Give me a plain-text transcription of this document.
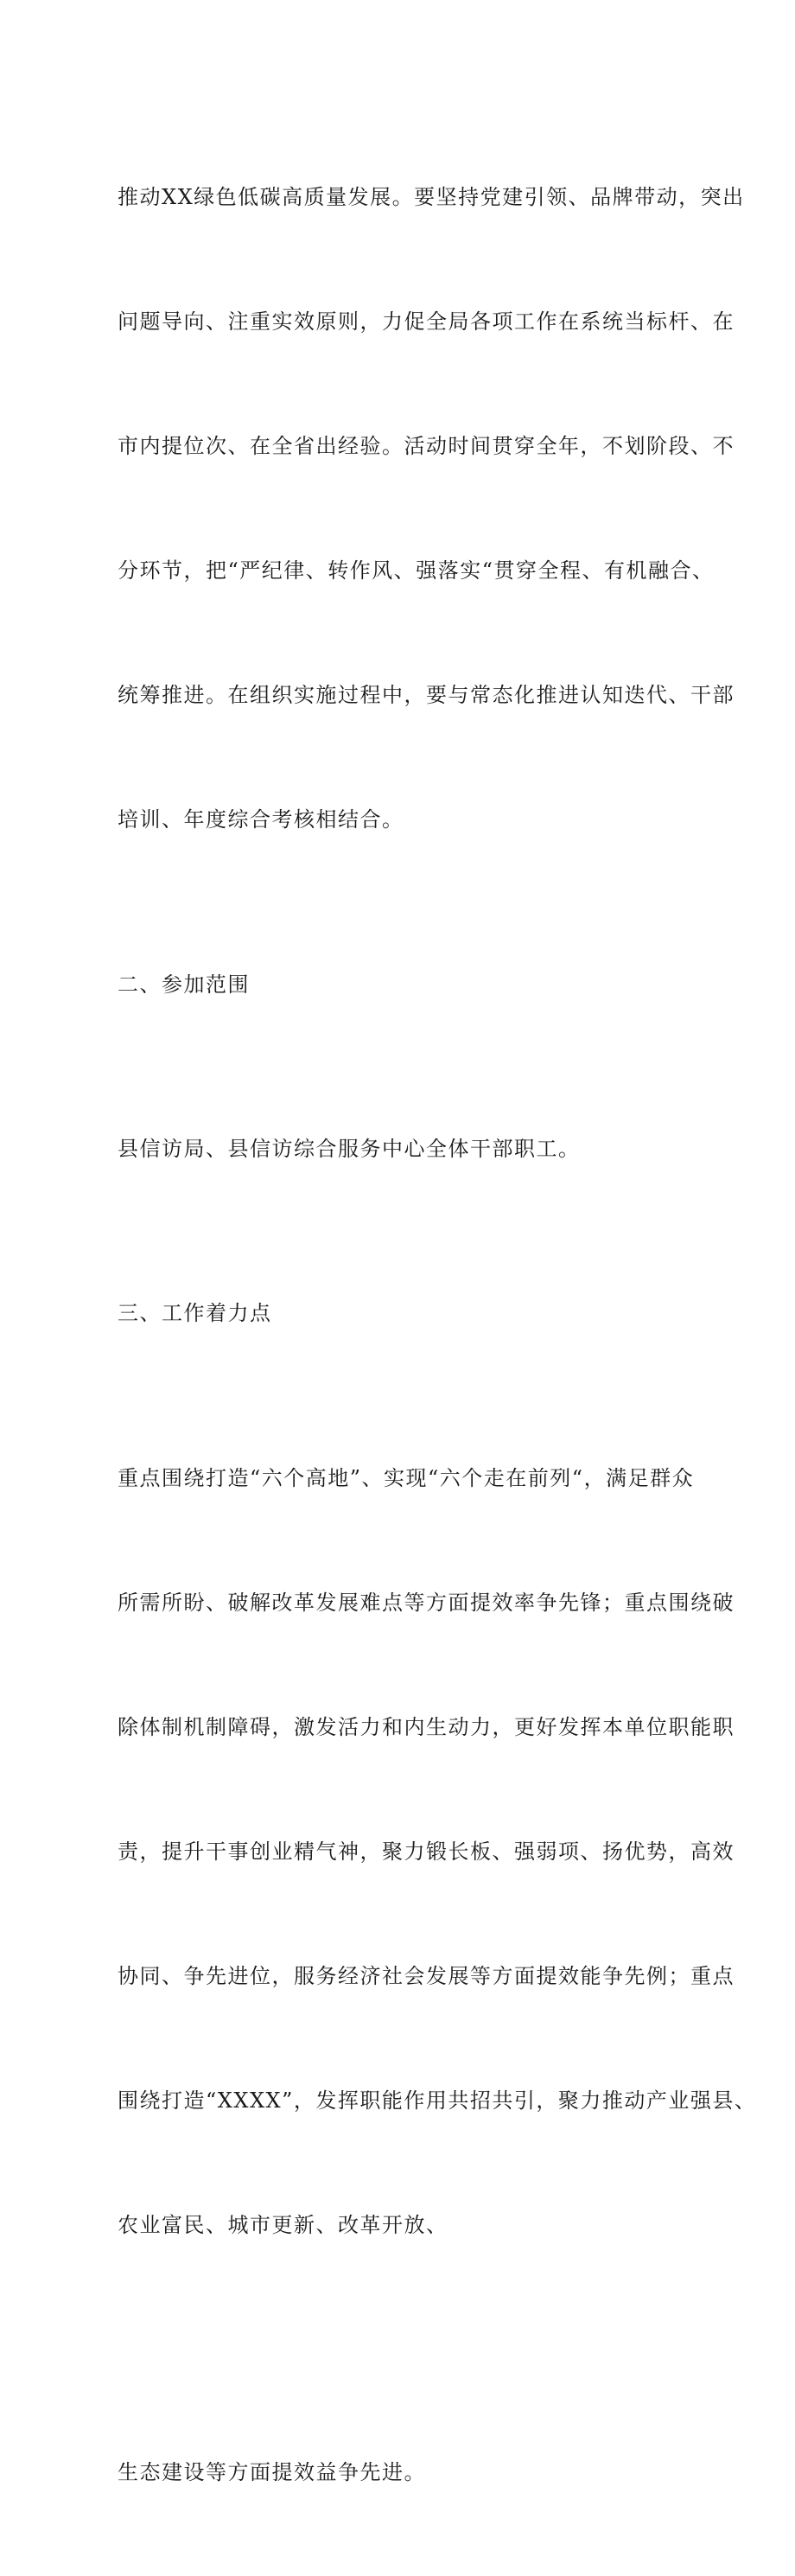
推动XX绿色低碳高质量发展。要坚持党建引领、品牌带动，突出

问题导向、注重实效原则，力促全局各项工作在系统当标杆、在

市内提位次、在全省出经验。活动时间贯穿全年，不划阶段、不

分环节，把“严纪律、转作风、强落实“贯穿全程、有机融合、

统筹推进。在组织实施过程中，要与常态化推进认知迭代、干部

培训、年度综合考核相结合。

二、参加范围

县信访局、县信访综合服务中心全体干部职工。

三、工作着力点

重点围绕打造“六个高地”、实现“六个走在前列“，满足群众

所需所盼、破解改革发展难点等方面提效率争先锋；重点围绕破

除体制机制障碍，激发活力和内生动力，更好发挥本单位职能职

责，提升干事创业精气神，聚力锻长板、强弱项、扬优势，高效

协同、争先进位，服务经济社会发展等方面提效能争先例；重点

围绕打造“XXXX”，发挥职能作用共招共引，聚力推动产业强县、

农业富民、城市更新、改革开放、

生态建设等方面提效益争先进。
